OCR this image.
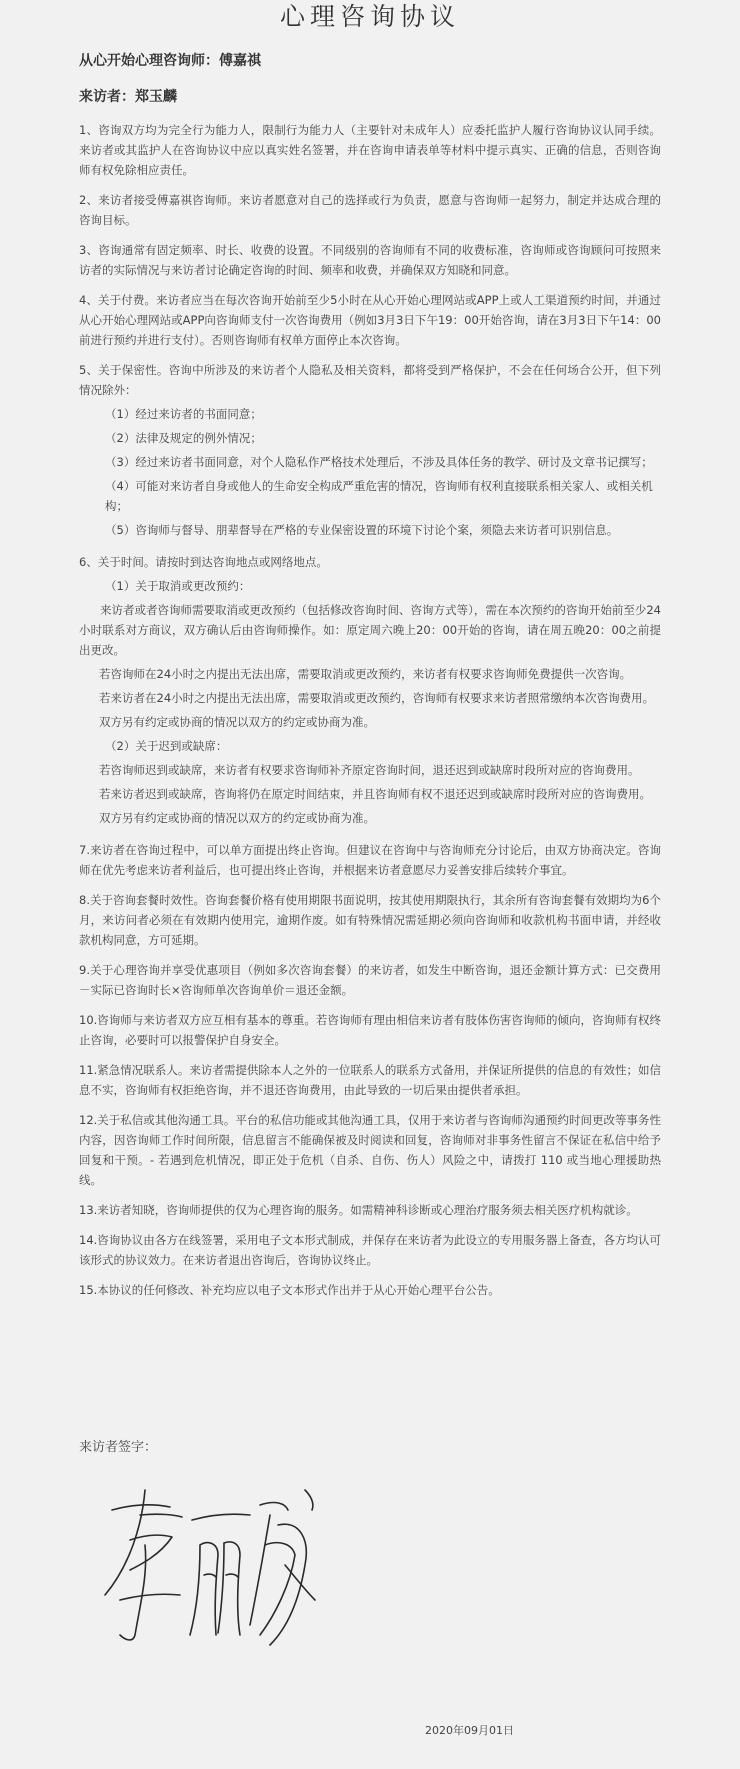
心理咨询协议
从心开始心理咨询师：傅嘉祺
来访者：郑玉麟

1、咨询双方均为完全行为能力人，限制行为能力人（主要针对未成年人）应委托监护人履行咨询协议认同手续。来访者或其监护人在咨询协议中应以真实姓名签署，并在咨询申请表单等材料中提示真实、正确的信息，否则咨询师有权免除相应责任。

2、来访者接受傅嘉祺咨询师。来访者愿意对自己的选择或行为负责，愿意与咨询师一起努力，制定并达成合理的咨询目标。

3、咨询通常有固定频率、时长、收费的设置。不同级别的咨询师有不同的收费标准，咨询师或咨询顾问可按照来访者的实际情况与来访者讨论确定咨询的时间、频率和收费，并确保双方知晓和同意。

4、关于付费。来访者应当在每次咨询开始前至少5小时在从心开始心理网站或APP上或人工渠道预约时间，并通过从心开始心理网站或APP向咨询师支付一次咨询费用（例如3月3日下午19：00开始咨询，请在3月3日下午14：00前进行预约并进行支付）。否则咨询师有权单方面停止本次咨询。

5、关于保密性。咨询中所涉及的来访者个人隐私及相关资料，都将受到严格保护，不会在任何场合公开，但下列情况除外：

（1）经过来访者的书面同意；

（2）法律及规定的例外情况；

（3）经过来访者书面同意，对个人隐私作严格技术处理后，不涉及具体任务的教学、研讨及文章书记撰写；

（4）可能对来访者自身或他人的生命安全构成严重危害的情况，咨询师有权利直接联系相关家人、或相关机构；

（5）咨询师与督导、朋辈督导在严格的专业保密设置的环境下讨论个案，须隐去来访者可识别信息。

6、关于时间。请按时到达咨询地点或网络地点。

（1）关于取消或更改预约：

来访者或者咨询师需要取消或更改预约（包括修改咨询时间、咨询方式等），需在本次预约的咨询开始前至少24小时联系对方商议，双方确认后由咨询师操作。如：原定周六晚上20：00开始的咨询，请在周五晚20：00之前提出更改。

若咨询师在24小时之内提出无法出席，需要取消或更改预约，来访者有权要求咨询师免费提供一次咨询。

若来访者在24小时之内提出无法出席，需要取消或更改预约，咨询师有权要求来访者照常缴纳本次咨询费用。

双方另有约定或协商的情况以双方的约定或协商为准。

（2）关于迟到或缺席：

若咨询师迟到或缺席，来访者有权要求咨询师补齐原定咨询时间，退还迟到或缺席时段所对应的咨询费用。

若来访者迟到或缺席，咨询将仍在原定时间结束，并且咨询师有权不退还迟到或缺席时段所对应的咨询费用。

双方另有约定或协商的情况以双方的约定或协商为准。

7.来访者在咨询过程中，可以单方面提出终止咨询。但建议在咨询中与咨询师充分讨论后，由双方协商决定。咨询师在优先考虑来访者利益后，也可提出终止咨询，并根据来访者意愿尽力妥善安排后续转介事宜。

8.关于咨询套餐时效性。咨询套餐价格有使用期限书面说明，按其使用期限执行，其余所有咨询套餐有效期均为6个月，来访问者必须在有效期内使用完，逾期作废。如有特殊情况需延期必须向咨询师和收款机构书面申请，并经收款机构同意，方可延期。

9.关于心理咨询并享受优惠项目（例如多次咨询套餐）的来访者，如发生中断咨询，退还金额计算方式：已交费用－实际已咨询时长×咨询师单次咨询单价＝退还金额。

10.咨询师与来访者双方应互相有基本的尊重。若咨询师有理由相信来访者有肢体伤害咨询师的倾向，咨询师有权终止咨询，必要时可以报警保护自身安全。

11.紧急情况联系人。来访者需提供除本人之外的一位联系人的联系方式备用，并保证所提供的信息的有效性；如信息不实，咨询师有权拒绝咨询，并不退还咨询费用，由此导致的一切后果由提供者承担。

12.关于私信或其他沟通工具。平台的私信功能或其他沟通工具，仅用于来访者与咨询师沟通预约时间更改等事务性内容，因咨询师工作时间所限，信息留言不能确保被及时阅读和回复，咨询师对非事务性留言不保证在私信中给予回复和干预。- 若遇到危机情况，即正处于危机（自杀、自伤、伤人）风险之中，请拨打 110 或当地心理援助热线。

13.来访者知晓，咨询师提供的仅为心理咨询的服务。如需精神科诊断或心理治疗服务须去相关医疗机构就诊。

14.咨询协议由各方在线签署，采用电子文本形式制成，并保存在来访者为此设立的专用服务器上备查，各方均认可该形式的协议效力。在来访者退出咨询后，咨询协议终止。

15.本协议的任何修改、补充均应以电子文本形式作出并于从心开始心理平台公告。

来访者签字：
2020年09月01日
